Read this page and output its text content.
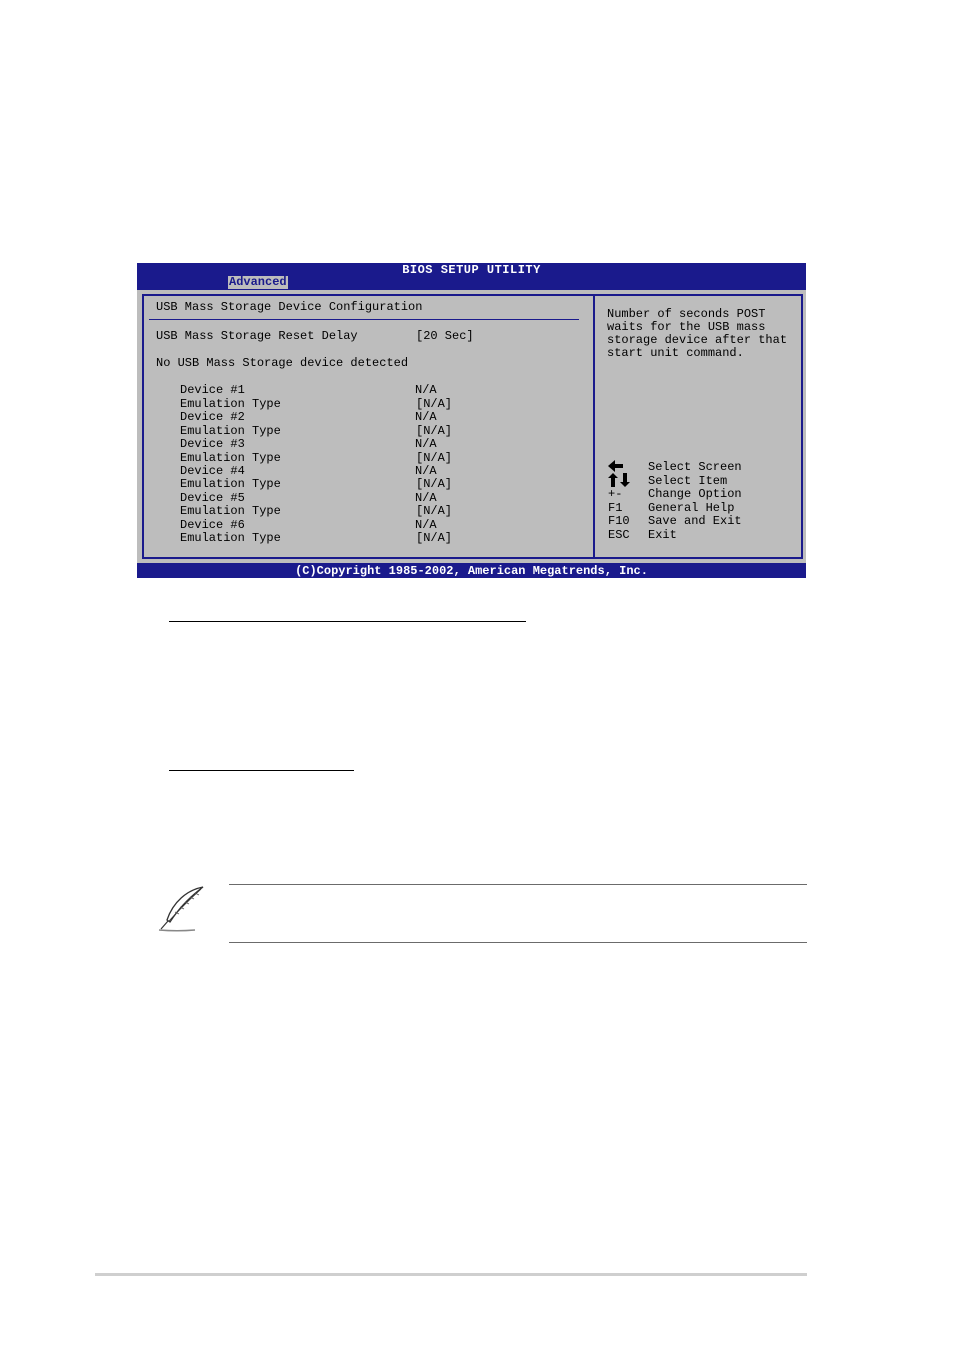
BIOS SETUP UTILITY
Advanced
USB Mass Storage Device Configuration
USB Mass Storage Reset Delay	[20 Sec]
No USB Mass Storage device detected
Device #1	N/A
Emulation Type	[N/A]
Device #2	N/A
Emulation Type	[N/A]
Device #3	N/A
Emulation Type	[N/A]
Device #4	N/A
Emulation Type	[N/A]
Device #5	N/A
Emulation Type	[N/A]
Device #6	N/A
Emulation Type	[N/A]
Number of seconds POST waits for the USB mass storage device after that start unit command.
Select Screen
Select Item
+-	Change Option
F1	General Help
F10	Save and Exit
ESC	Exit
(C)Copyright 1985-2002, American Megatrends, Inc.
